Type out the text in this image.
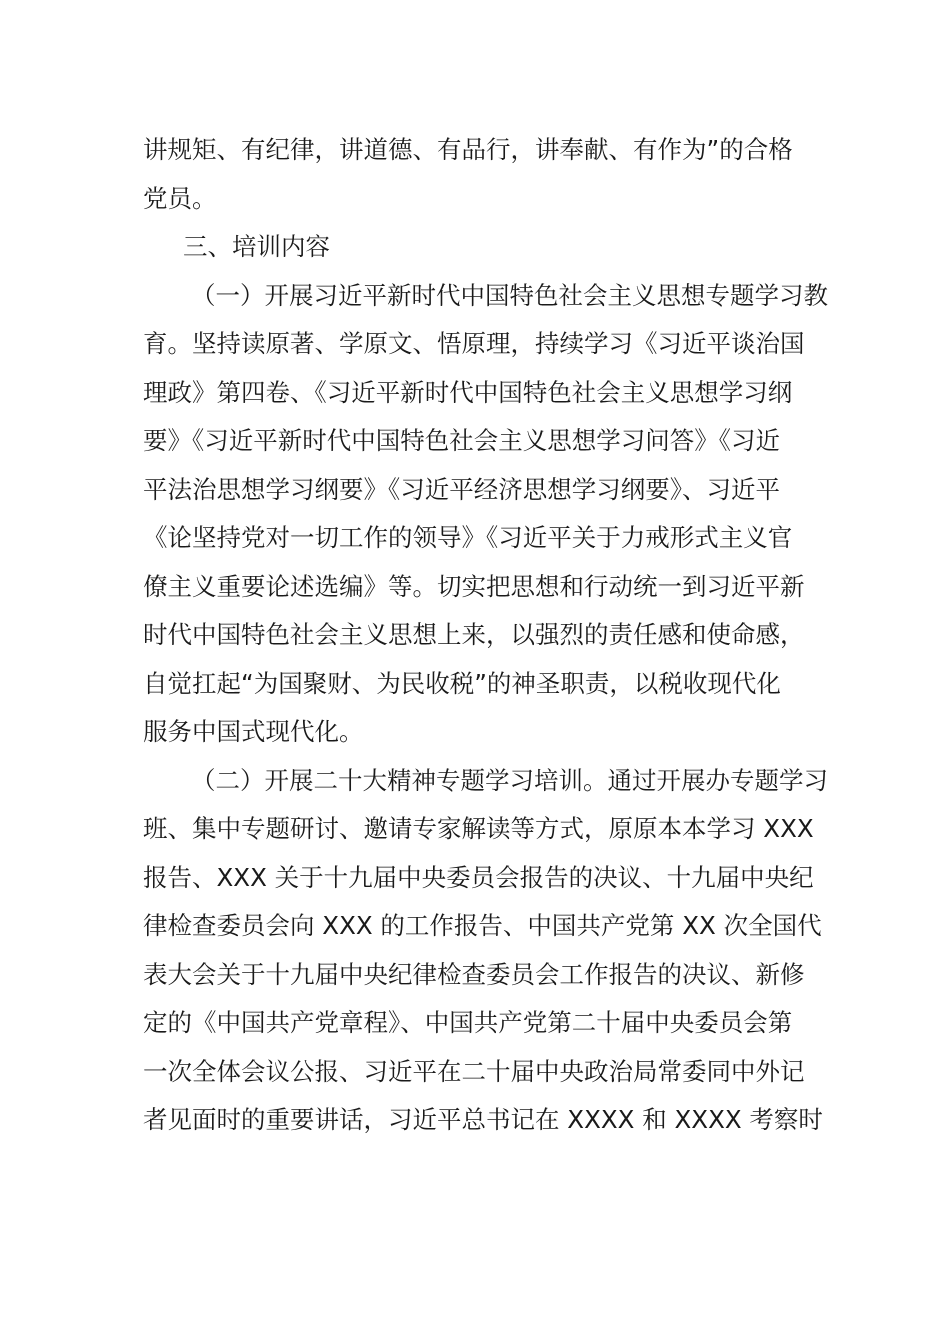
讲规矩、有纪律，讲道德、有品行，讲奉献、有作为”的合格
党员。
三、培训内容
（一）开展习近平新时代中国特色社会主义思想专题学习教
育。坚持读原著、学原文、悟原理，持续学习《习近平谈治国
理政》第四卷、《习近平新时代中国特色社会主义思想学习纲
要》《习近平新时代中国特色社会主义思想学习问答》《习近
平法治思想学习纲要》《习近平经济思想学习纲要》、习近平
《论坚持党对一切工作的领导》《习近平关于力戒形式主义官
僚主义重要论述选编》等。切实把思想和行动统一到习近平新
时代中国特色社会主义思想上来，以强烈的责任感和使命感，
自觉扛起“为国聚财、为民收税”的神圣职责，以税收现代化
服务中国式现代化。
（二）开展二十大精神专题学习培训。通过开展办专题学习
班、集中专题研讨、邀请专家解读等方式，原原本本学习 XXX
报告、XXX 关于十九届中央委员会报告的决议、十九届中央纪
律检查委员会向 XXX 的工作报告、中国共产党第 XX 次全国代
表大会关于十九届中央纪律检查委员会工作报告的决议、新修
定的《中国共产党章程》、中国共产党第二十届中央委员会第
一次全体会议公报、习近平在二十届中央政治局常委同中外记
者见面时的重要讲话，习近平总书记在 XXXX 和 XXXX 考察时
